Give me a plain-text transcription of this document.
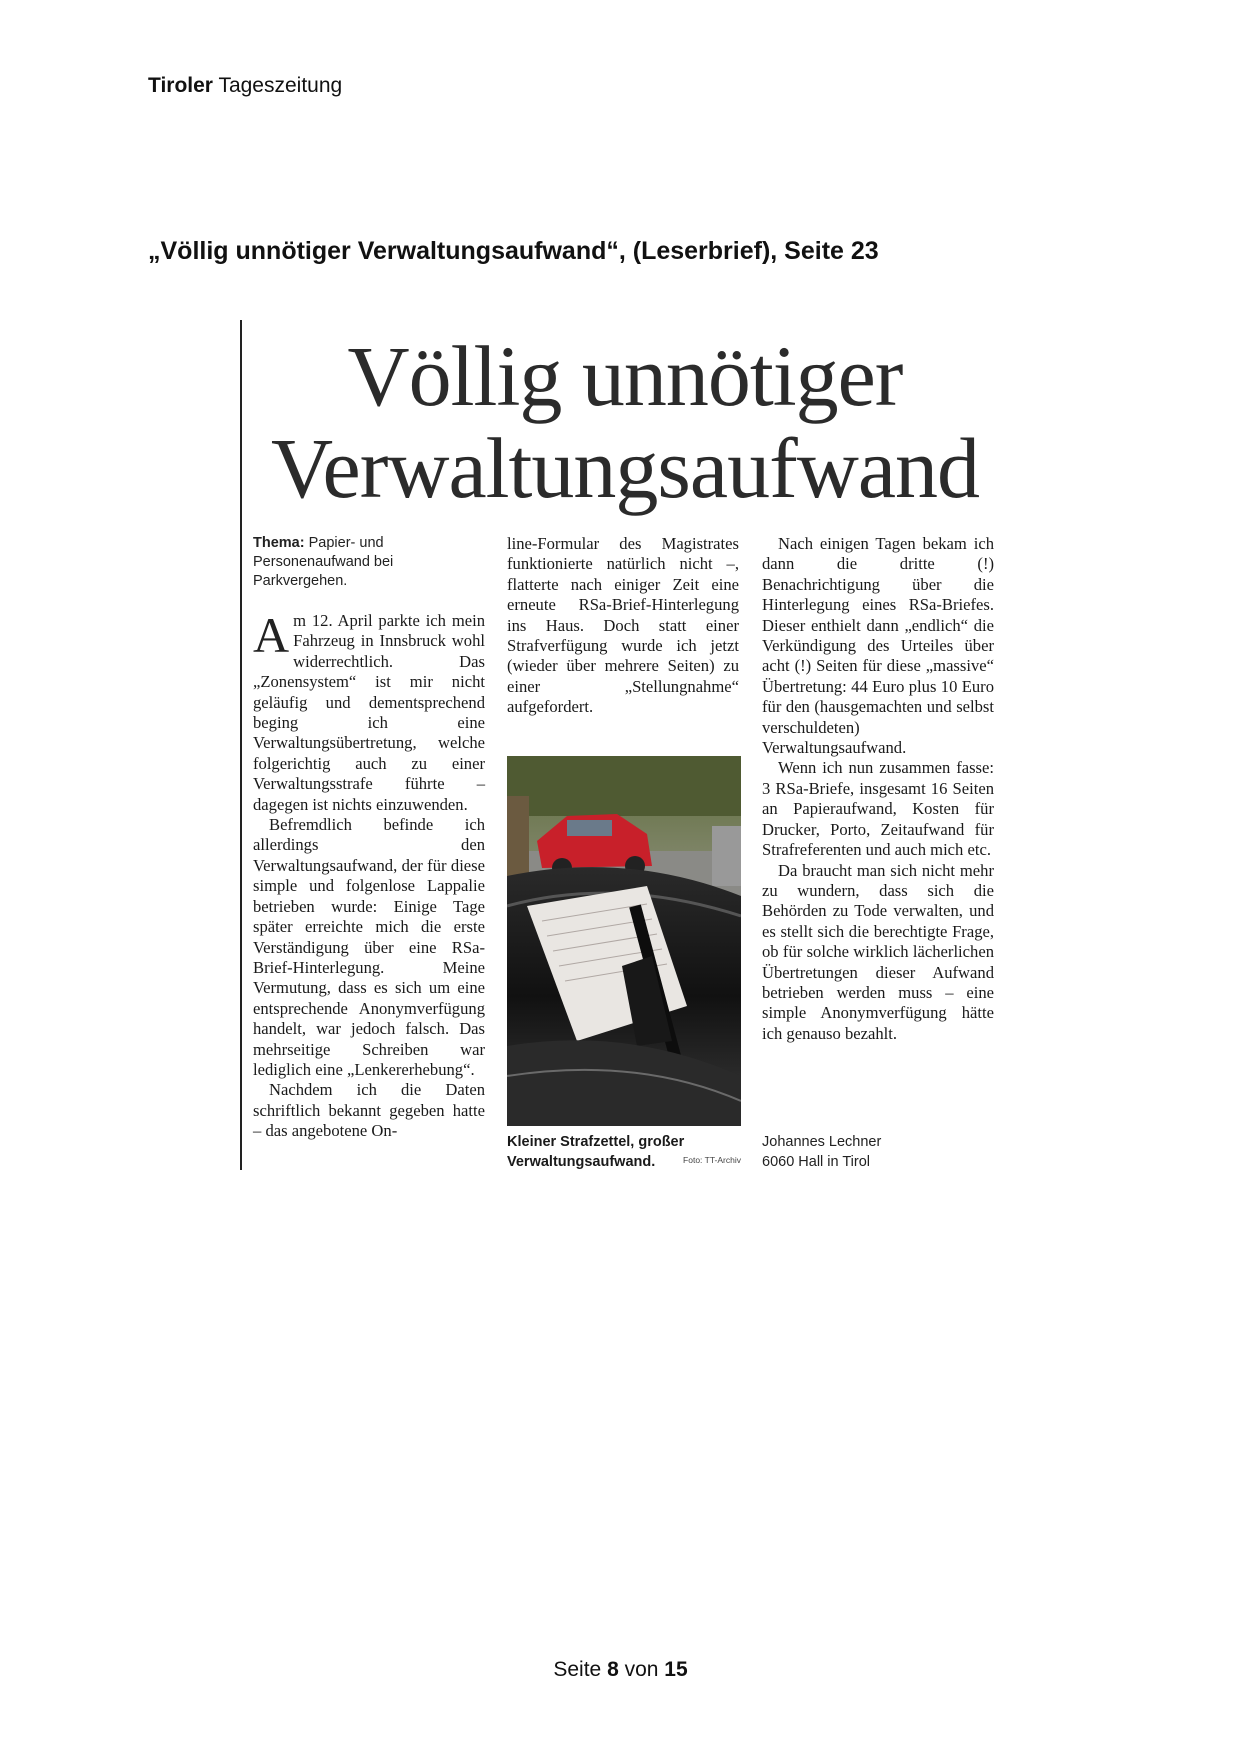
Tiroler Tageszeitung
„Völlig unnötiger Verwaltungsaufwand“, (Leserbrief), Seite 23
Völlig unnötiger
Verwaltungsaufwand
Thema: Papier- und Personenaufwand bei Parkvergehen.

Am 12. April parkte ich mein Fahrzeug in Innsbruck wohl widerrechtlich. Das „Zonensystem“ ist mir nicht geläufig und dementsprechend beging ich eine Verwaltungsübertretung, welche folgerichtig auch zu einer Verwaltungsstrafe führte – dagegen ist nichts einzuwenden.

Befremdlich befinde ich allerdings den Verwaltungsaufwand, der für diese simple und folgenlose Lappalie betrieben wurde: Einige Tage später erreichte mich die erste Verständigung über eine RSa-Brief-Hinterlegung. Meine Vermutung, dass es sich um eine entsprechende Anonymverfügung handelt, war jedoch falsch. Das mehrseitige Schreiben war lediglich eine „Lenkererhebung“.

Nachdem ich die Daten schriftlich bekannt gegeben hatte – das angebotene On-

line-Formular des Magistrates funktionierte natürlich nicht –, flatterte nach einiger Zeit eine erneute RSa-Brief-Hinterlegung ins Haus. Doch statt einer Strafverfügung wurde ich jetzt (wieder über mehrere Seiten) zu einer „Stellungnahme“ aufgefordert.

Kleiner Strafzettel, großer Verwaltungsaufwand.	Foto: TT-Archiv

Nach einigen Tagen bekam ich dann die dritte (!) Benachrichtigung über die Hinterlegung eines RSa-Briefes. Dieser enthielt dann „endlich“ die Verkündigung des Urteiles über acht (!) Seiten für diese „massive“ Übertretung: 44 Euro plus 10 Euro für den (hausgemachten und selbst verschuldeten) Verwaltungsaufwand.

Wenn ich nun zusammen fasse: 3 RSa-Briefe, insgesamt 16 Seiten an Papieraufwand, Kosten für Drucker, Porto, Zeitaufwand für Strafreferenten und auch mich etc.

Da braucht man sich nicht mehr zu wundern, dass sich die Behörden zu Tode verwalten, und es stellt sich die berechtigte Frage, ob für solche wirklich lächerlichen Übertretungen dieser Aufwand betrieben werden muss – eine simple Anonymverfügung hätte ich genauso bezahlt.

Johannes Lechner
6060 Hall in Tirol
Seite 8 von 15
